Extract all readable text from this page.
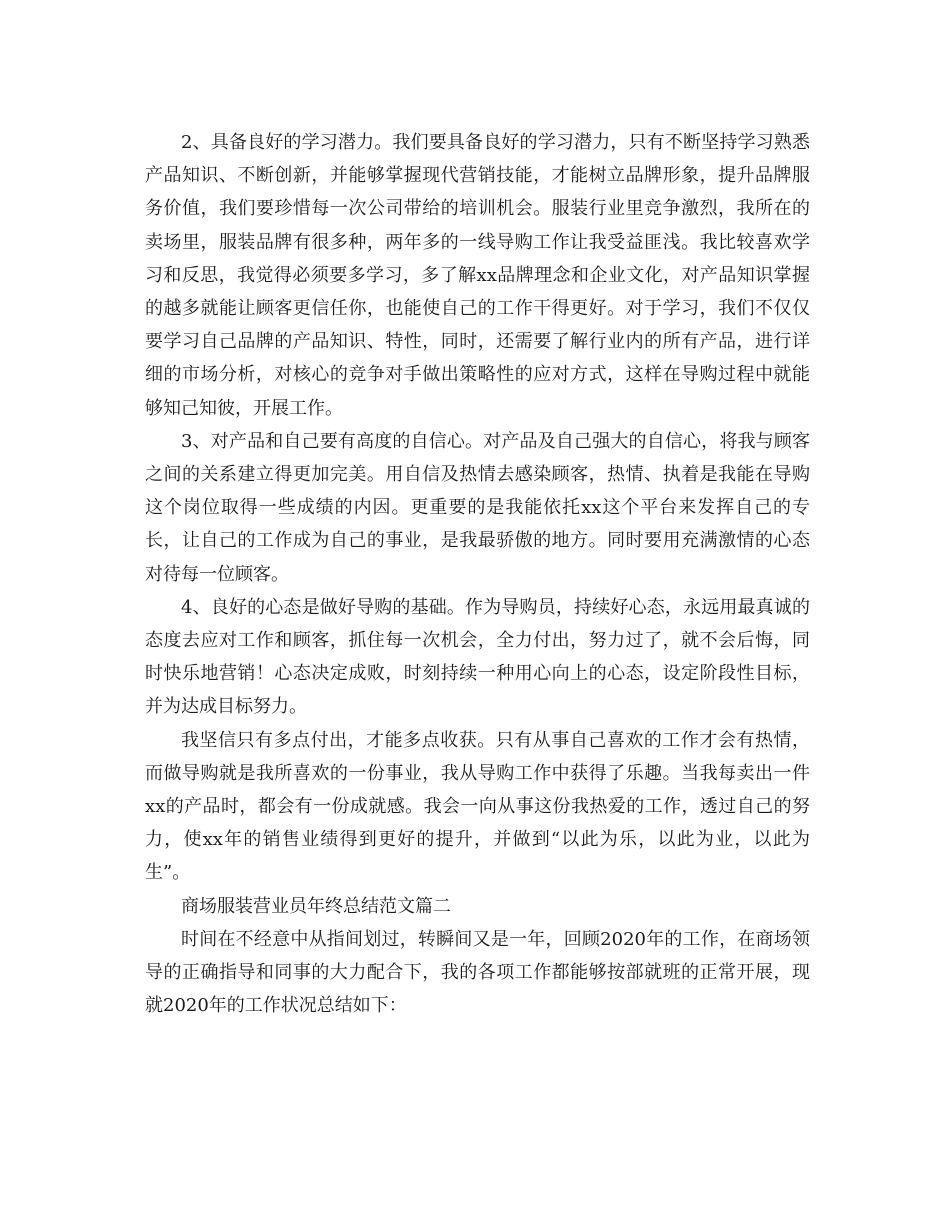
2、具备良好的学习潜力。我们要具备良好的学习潜力，只有不断坚持学习熟悉产品知识、不断创新，并能够掌握现代营销技能，才能树立品牌形象，提升品牌服务价值，我们要珍惜每一次公司带给的培训机会。服装行业里竞争激烈，我所在的卖场里，服装品牌有很多种，两年多的一线导购工作让我受益匪浅。我比较喜欢学习和反思，我觉得必须要多学习，多了解xx品牌理念和企业文化，对产品知识掌握的越多就能让顾客更信任你，也能使自己的工作干得更好。对于学习，我们不仅仅要学习自己品牌的产品知识、特性，同时，还需要了解行业内的所有产品，进行详细的市场分析，对核心的竞争对手做出策略性的应对方式，这样在导购过程中就能够知己知彼，开展工作。

3、对产品和自己要有高度的自信心。对产品及自己强大的自信心，将我与顾客之间的关系建立得更加完美。用自信及热情去感染顾客，热情、执着是我能在导购这个岗位取得一些成绩的内因。更重要的是我能依托xx这个平台来发挥自己的专长，让自己的工作成为自己的事业，是我最骄傲的地方。同时要用充满激情的心态对待每一位顾客。

4、良好的心态是做好导购的基础。作为导购员，持续好心态，永远用最真诚的态度去应对工作和顾客，抓住每一次机会，全力付出，努力过了，就不会后悔，同时快乐地营销！心态决定成败，时刻持续一种用心向上的心态，设定阶段性目标，并为达成目标努力。

我坚信只有多点付出，才能多点收获。只有从事自己喜欢的工作才会有热情，而做导购就是我所喜欢的一份事业，我从导购工作中获得了乐趣。当我每卖出一件xx的产品时，都会有一份成就感。我会一向从事这份我热爱的工作，透过自己的努力，使xx年的销售业绩得到更好的提升，并做到“以此为乐，以此为业，以此为生”。

商场服装营业员年终总结范文篇二

时间在不经意中从指间划过，转瞬间又是一年，回顾2020年的工作，在商场领导的正确指导和同事的大力配合下，我的各项工作都能够按部就班的正常开展，现就2020年的工作状况总结如下：
